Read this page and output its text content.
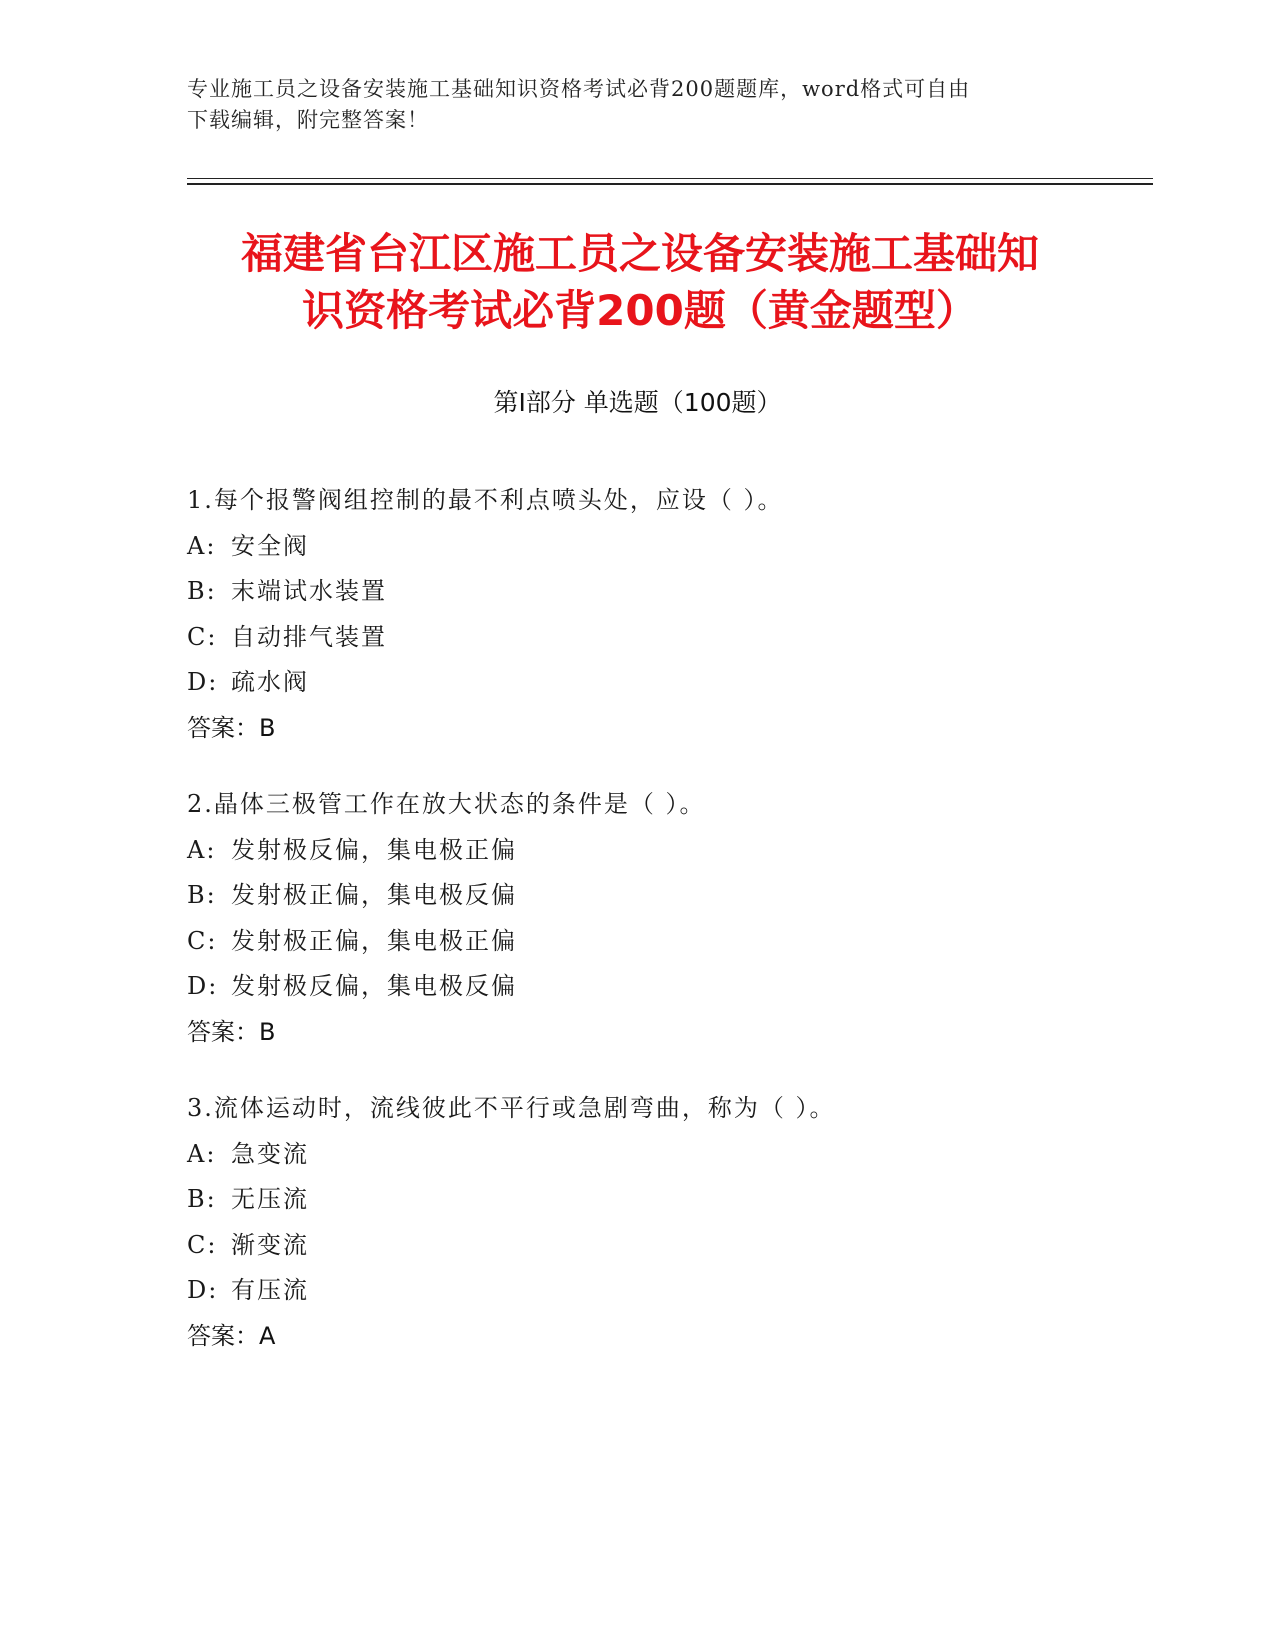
专业施工员之设备安装施工基础知识资格考试必背200题题库，word格式可自由
下载编辑，附完整答案！
福建省台江区施工员之设备安装施工基础知
识资格考试必背200题（黄金题型）
第Ⅰ部分 单选题（100题）
1.每个报警阀组控制的最不利点喷头处，应设（ ）。
A: 安全阀
B: 末端试水装置
C: 自动排气装置
D: 疏水阀
答案：B
2.晶体三极管工作在放大状态的条件是（ ）。
A: 发射极反偏，集电极正偏
B: 发射极正偏，集电极反偏
C: 发射极正偏，集电极正偏
D: 发射极反偏，集电极反偏
答案：B
3.流体运动时，流线彼此不平行或急剧弯曲，称为（ ）。
A: 急变流
B: 无压流
C: 渐变流
D: 有压流
答案：A
